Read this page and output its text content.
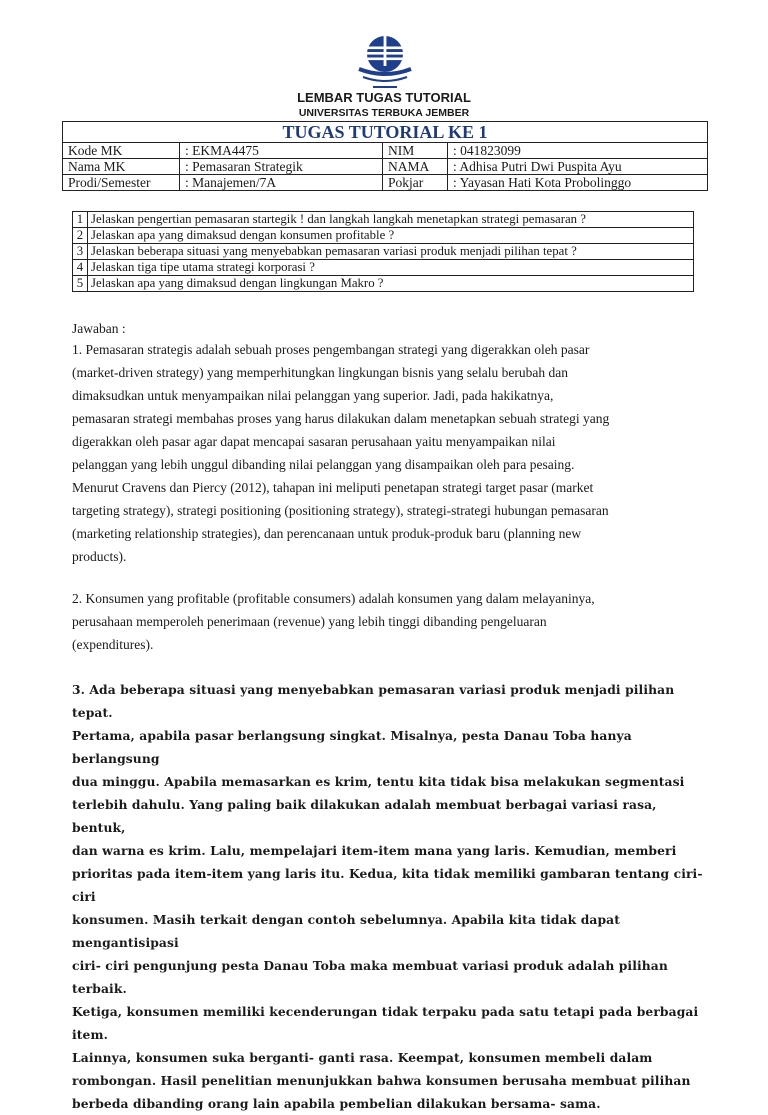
LEMBAR TUGAS TUTORIAL
UNIVERSITAS TERBUKA JEMBER
TUGAS TUTORIAL KE 1			
Kode MK	: EKMA4475	NIM	: 041823099
Nama MK	: Pemasaran Strategik	NAMA	: Adhisa Putri Dwi Puspita Ayu
Prodi/Semester	: Manajemen/7A	Pokjar	: Yayasan Hati Kota Probolinggo
1	Jelaskan pengertian pemasaran startegik ! dan langkah langkah menetapkan strategi pemasaran ?
2	Jelaskan apa yang dimaksud dengan konsumen profitable ?
3	Jelaskan beberapa situasi yang menyebabkan pemasaran variasi produk menjadi pilihan tepat ?
4	Jelaskan tiga tipe utama strategi korporasi ?
5	Jelaskan apa yang dimaksud dengan lingkungan Makro ?
Jawaban :

1. Pemasaran strategis adalah sebuah proses pengembangan strategi yang digerakkan oleh pasar

(market-driven strategy) yang memperhitungkan lingkungan bisnis yang selalu berubah dan

dimaksudkan untuk menyampaikan nilai pelanggan yang superior. Jadi, pada hakikatnya,

pemasaran strategi membahas proses yang harus dilakukan dalam menetapkan sebuah strategi yang

digerakkan oleh pasar agar dapat mencapai sasaran perusahaan yaitu menyampaikan nilai

pelanggan yang lebih unggul dibanding nilai pelanggan yang disampaikan oleh para pesaing.

Menurut Cravens dan Piercy (2012), tahapan ini meliputi penetapan strategi target pasar (market

targeting strategy), strategi positioning (positioning strategy), strategi-strategi hubungan pemasaran

(marketing relationship strategies), dan perencanaan untuk produk-produk baru (planning new

products).

2. Konsumen yang profitable (profitable consumers) adalah konsumen yang dalam melayaninya,

perusahaan memperoleh penerimaan (revenue) yang lebih tinggi dibanding pengeluaran

(expenditures).

3. Ada beberapa situasi yang menyebabkan pemasaran variasi produk menjadi pilihan tepat.

Pertama, apabila pasar berlangsung singkat. Misalnya, pesta Danau Toba hanya berlangsung

dua minggu. Apabila memasarkan es krim, tentu kita tidak bisa melakukan segmentasi

terlebih dahulu. Yang paling baik dilakukan adalah membuat berbagai variasi rasa, bentuk,

dan warna es krim. Lalu, mempelajari item-item mana yang laris. Kemudian, memberi

prioritas pada item-item yang laris itu. Kedua, kita tidak memiliki gambaran tentang ciri-ciri

konsumen. Masih terkait dengan contoh sebelumnya. Apabila kita tidak dapat mengantisipasi

ciri- ciri pengunjung pesta Danau Toba maka membuat variasi produk adalah pilihan terbaik.

Ketiga, konsumen memiliki kecenderungan tidak terpaku pada satu tetapi pada berbagai item.

Lainnya, konsumen suka berganti- ganti rasa. Keempat, konsumen membeli dalam

rombongan. Hasil penelitian menunjukkan bahwa konsumen berusaha membuat pilihan

berbeda dibanding orang lain apabila pembelian dilakukan bersama- sama.
